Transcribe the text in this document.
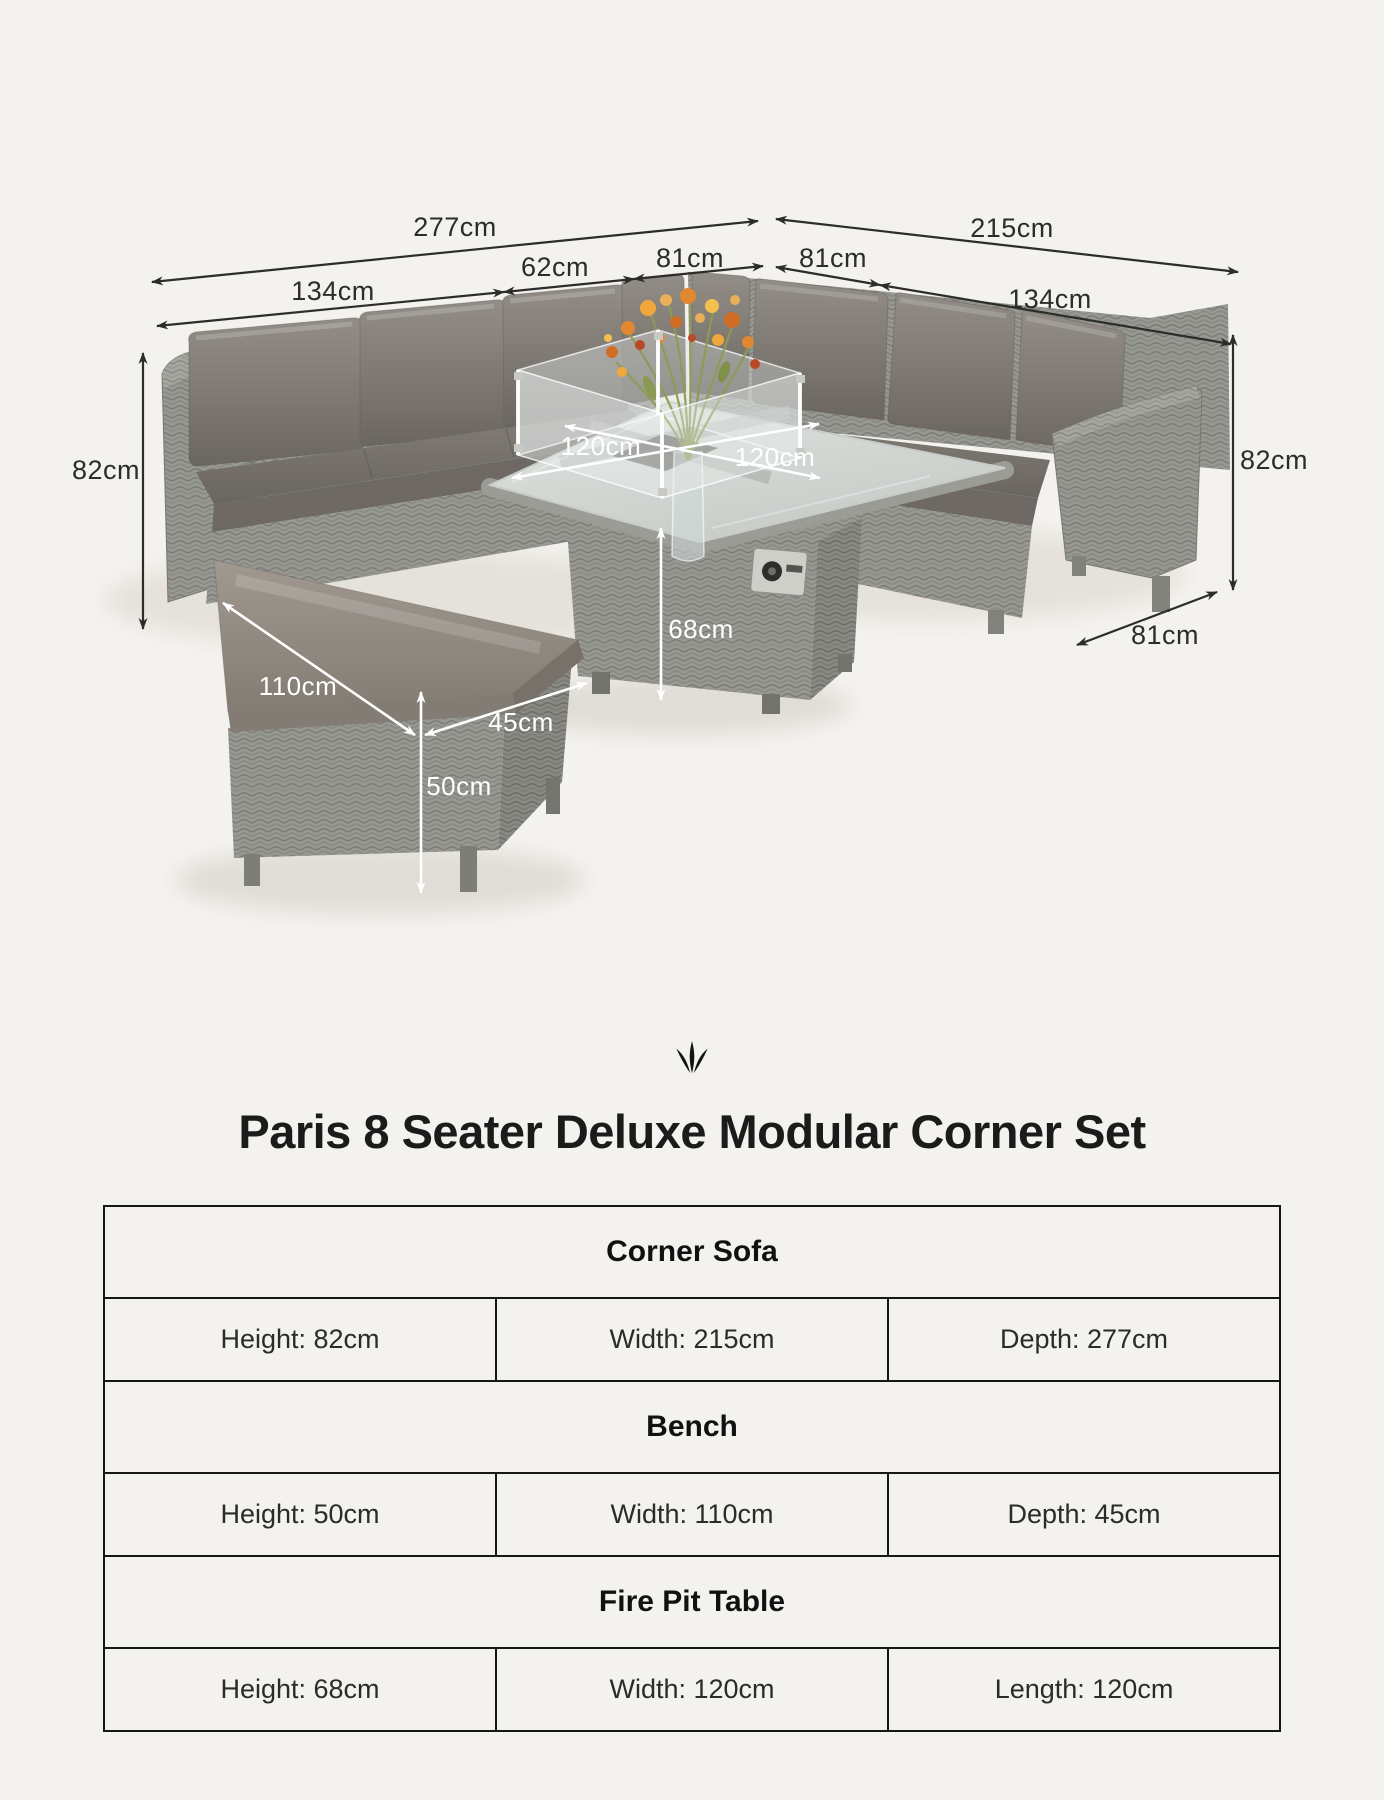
120cm	120cm
68cm
110cm
45cm
50cm
277cm	215cm
134cm
62cm 81cm	81cm
134cm
82cm	82cm
81cm
Paris 8 Seater Deluxe Modular Corner Set
Corner Sofa		
Height: 82cm	Width: 215cm	Depth: 277cm
Bench		
Height: 50cm	Width: 110cm	Depth: 45cm
Fire Pit Table		
Height: 68cm	Width: 120cm	Length: 120cm
